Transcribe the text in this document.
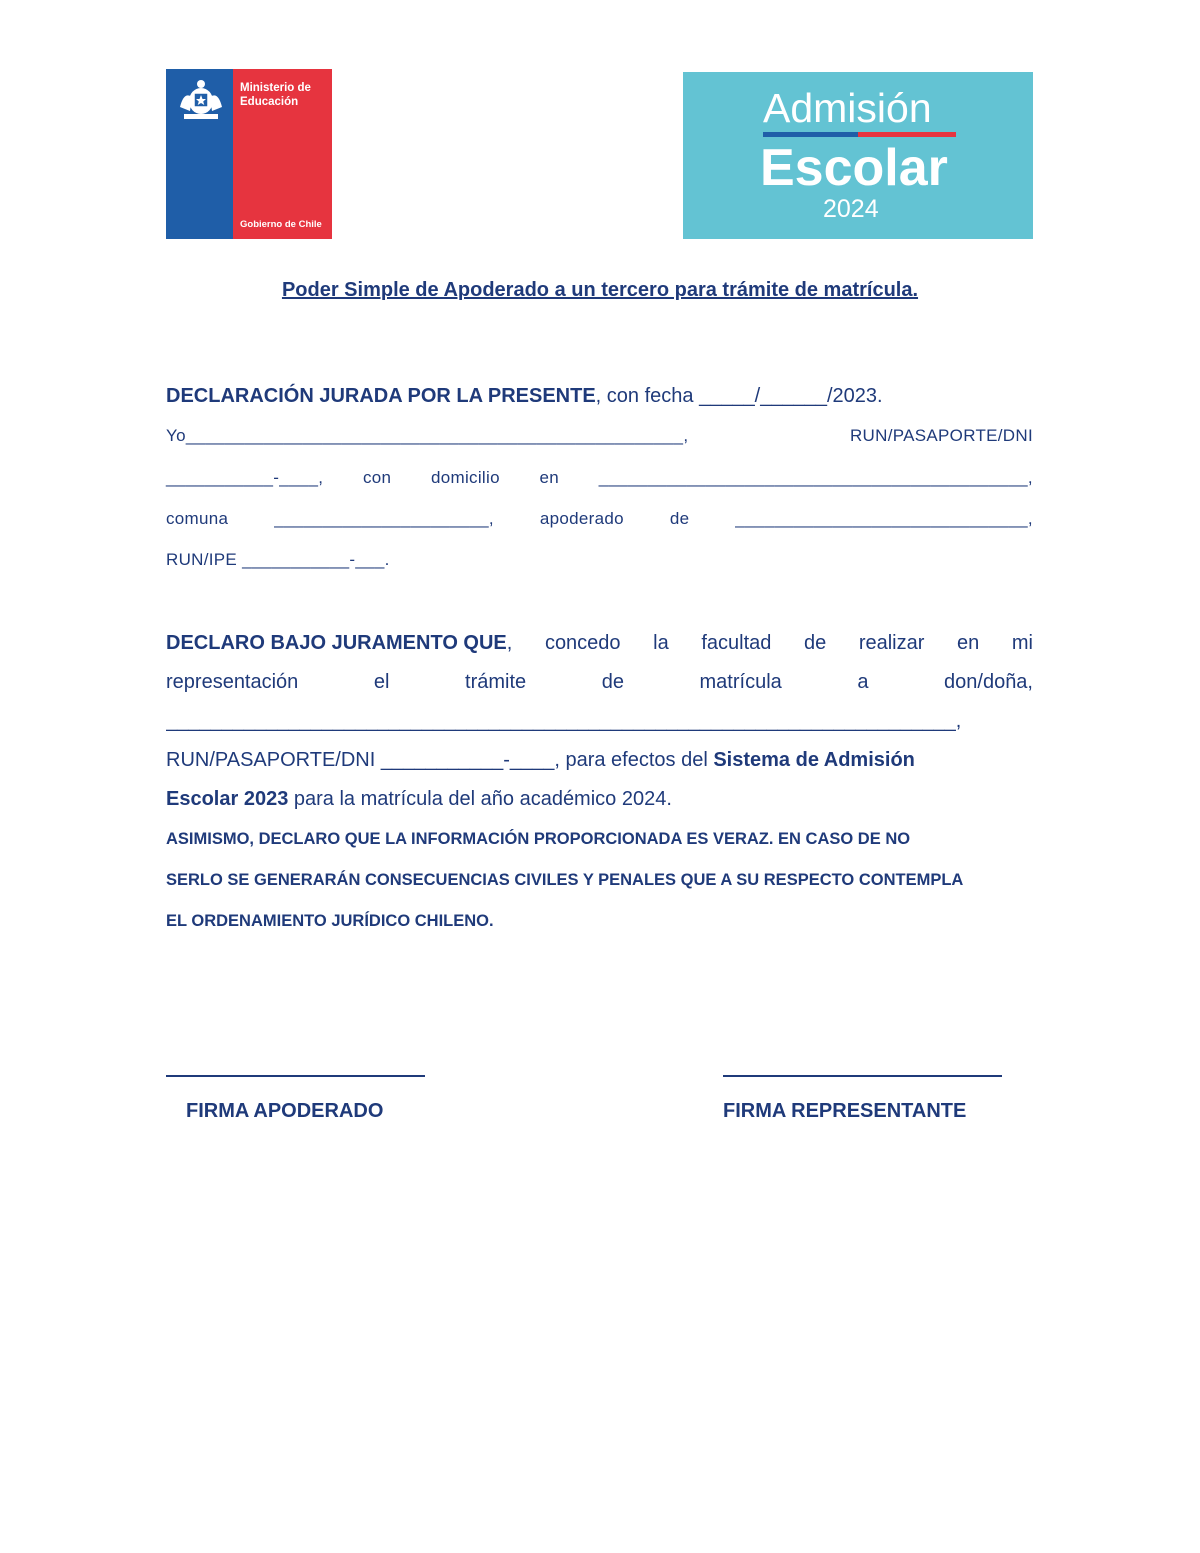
Ministerio de
Educación
Gobierno de Chile
Admisión
Escolar
2024
Poder Simple de Apoderado a un tercero para trámite de matrícula.
DECLARACIÓN JURADA POR LA PRESENTE, con fecha _____/______/2023.
Yo___________________________________________________,	RUN/PASAPORTE/DNI
___________-____, con domicilio en ____________________________________________,
comuna	______________________,	apoderado	de	______________________________,
RUN/IPE ___________-___.
DECLARO BAJO JURAMENTO QUE, concedo la facultad de realizar en mi
representación	el	trámite	de	matrícula	a	don/doña,
_______________________________________________________________________,
RUN/PASAPORTE/DNI ___________-____, para efectos del Sistema de Admisión
Escolar 2023 para la matrícula del año académico 2024.
ASIMISMO, DECLARO QUE LA INFORMACIÓN PROPORCIONADA ES VERAZ. EN CASO DE NO
SERLO SE GENERARÁN CONSECUENCIAS CIVILES Y PENALES QUE A SU RESPECTO CONTEMPLA
EL ORDENAMIENTO JURÍDICO CHILENO.
FIRMA APODERADO	FIRMA REPRESENTANTE
